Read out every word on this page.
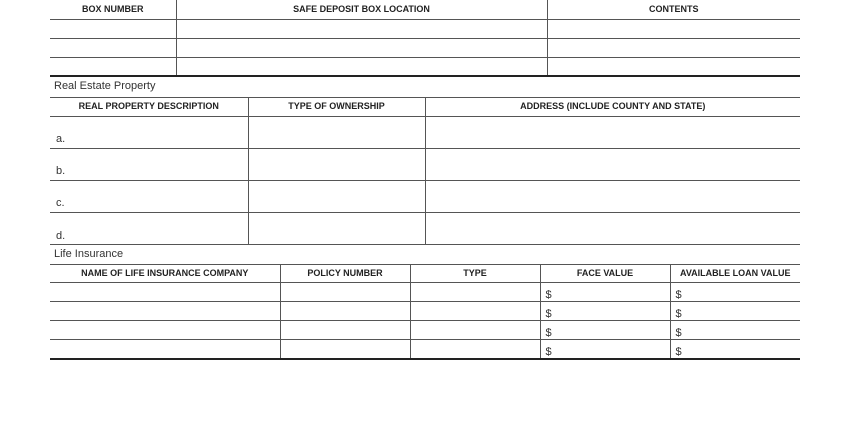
BOX NUMBER	SAFE DEPOSIT BOX LOCATION	CONTENTS

Real Estate Property
REAL PROPERTY DESCRIPTION	TYPE OF OWNERSHIP	ADDRESS (INCLUDE COUNTY AND STATE)
a.		
b.		
c.		
d.		
Life Insurance
NAME OF LIFE INSURANCE COMPANY	POLICY NUMBER	TYPE	FACE VALUE	AVAILABLE LOAN VALUE
			$	$
			$	$
			$	$
			$	$
